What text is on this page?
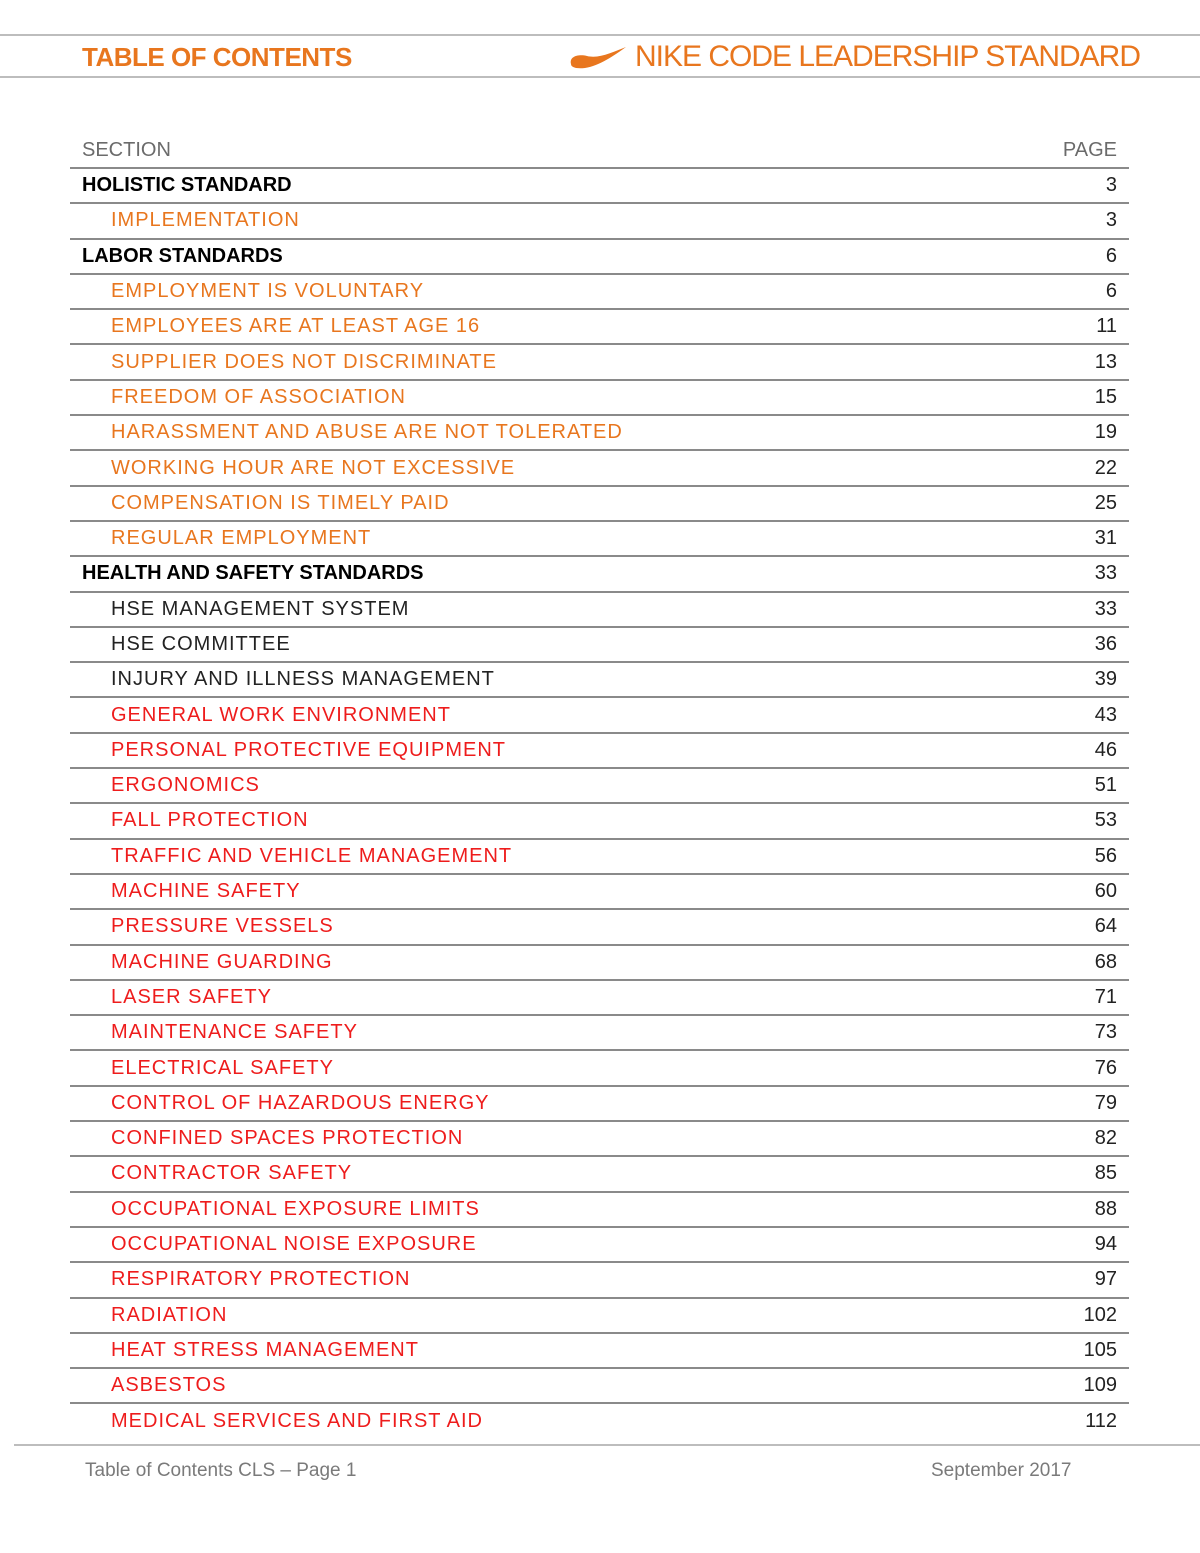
TABLE OF CONTENTS	NIKE CODE LEADERSHIP STANDARD
SECTION	PAGE
HOLISTIC STANDARD	3
IMPLEMENTATION	3
LABOR STANDARDS	6
EMPLOYMENT IS VOLUNTARY	6
EMPLOYEES ARE AT LEAST AGE 16	11
SUPPLIER DOES NOT DISCRIMINATE	13
FREEDOM OF ASSOCIATION	15
HARASSMENT AND ABUSE ARE NOT TOLERATED	19
WORKING HOUR ARE NOT EXCESSIVE	22
COMPENSATION IS TIMELY PAID	25
REGULAR EMPLOYMENT	31
HEALTH AND SAFETY STANDARDS	33
HSE MANAGEMENT SYSTEM	33
HSE COMMITTEE	36
INJURY AND ILLNESS MANAGEMENT	39
GENERAL WORK ENVIRONMENT	43
PERSONAL PROTECTIVE EQUIPMENT	46
ERGONOMICS	51
FALL PROTECTION	53
TRAFFIC AND VEHICLE MANAGEMENT	56
MACHINE SAFETY	60
PRESSURE VESSELS	64
MACHINE GUARDING	68
LASER SAFETY	71
MAINTENANCE SAFETY	73
ELECTRICAL SAFETY	76
CONTROL OF HAZARDOUS ENERGY	79
CONFINED SPACES PROTECTION	82
CONTRACTOR SAFETY	85
OCCUPATIONAL EXPOSURE LIMITS	88
OCCUPATIONAL NOISE EXPOSURE	94
RESPIRATORY PROTECTION	97
RADIATION	102
HEAT STRESS MANAGEMENT	105
ASBESTOS	109
MEDICAL SERVICES AND FIRST AID	112
Table of Contents CLS – Page 1	September 2017
